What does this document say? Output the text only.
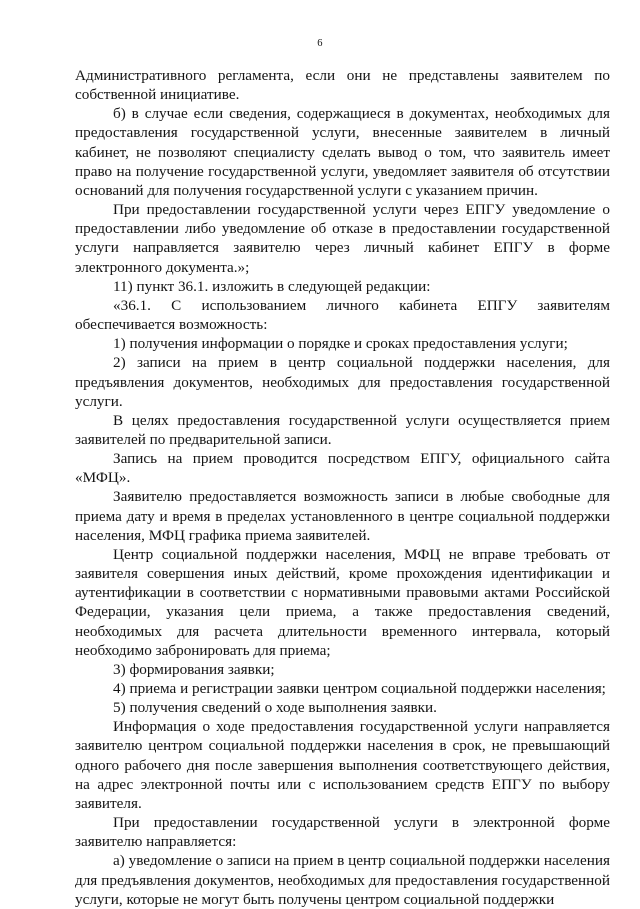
6

Административного регламента, если они не представлены заявителем по собственной инициативе.

б) в случае если сведения, содержащиеся в документах, необходимых для предоставления государственной услуги, внесенные заявителем в личный кабинет, не позволяют специалисту сделать вывод о том, что заявитель имеет право на получение государственной услуги, уведомляет заявителя об отсутствии оснований для получения государственной услуги с указанием причин.

При предоставлении государственной услуги через ЕПГУ уведомление о предоставлении либо уведомление об отказе в предоставлении государственной услуги направляется заявителю через личный кабинет ЕПГУ в форме электронного документа.»;

11) пункт 36.1. изложить в следующей редакции:

«36.1. С использованием личного кабинета ЕПГУ заявителям обеспечивается возможность:

1) получения информации о порядке и сроках предоставления услуги;

2) записи на прием в центр социальной поддержки населения, для предъявления документов, необходимых для предоставления государственной услуги.

В целях предоставления государственной услуги осуществляется прием заявителей по предварительной записи.

Запись на прием проводится посредством ЕПГУ, официального сайта «МФЦ».

Заявителю предоставляется возможность записи в любые свободные для приема дату и время в пределах установленного в центре социальной поддержки населения, МФЦ графика приема заявителей.

Центр социальной поддержки населения, МФЦ не вправе требовать от заявителя совершения иных действий, кроме прохождения идентификации и аутентификации в соответствии с нормативными правовыми актами Российской Федерации, указания цели приема, а также предоставления сведений, необходимых для расчета длительности временного интервала, который необходимо забронировать для приема;

3) формирования заявки;

4) приема и регистрации заявки центром социальной поддержки населения;

5) получения сведений о ходе выполнения заявки.

Информация о ходе предоставления государственной услуги направляется заявителю центром социальной поддержки населения в срок, не превышающий одного рабочего дня после завершения выполнения соответствующего действия, на адрес электронной почты или с использованием средств ЕПГУ по выбору заявителя.

При предоставлении государственной услуги в электронной форме заявителю направляется:

а) уведомление о записи на прием в центр социальной поддержки населения для предъявления документов, необходимых для предоставления государственной услуги, которые не могут быть получены центром социальной поддержки
